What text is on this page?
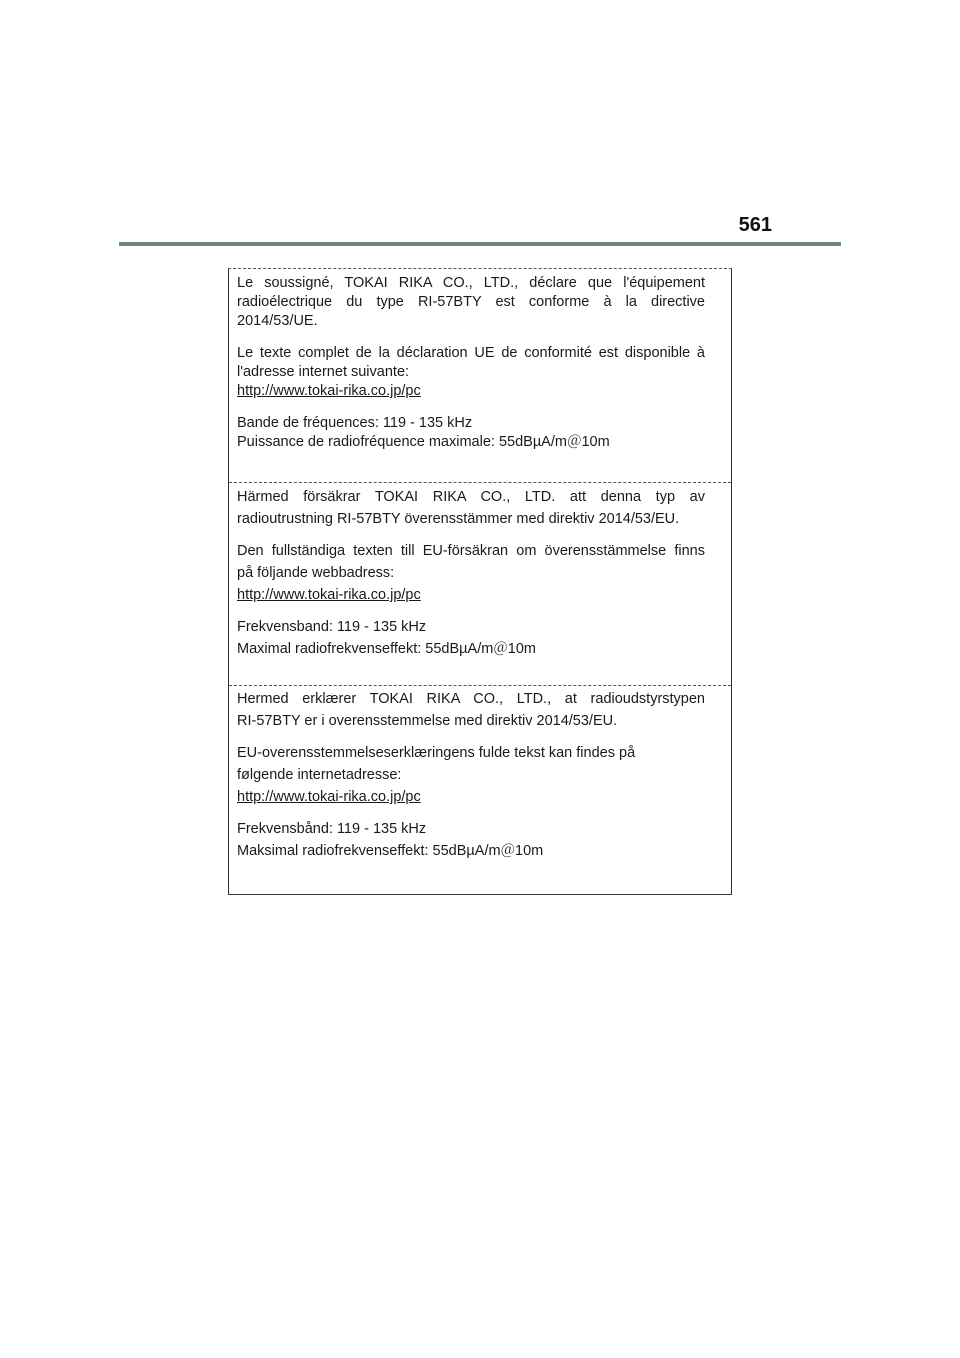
561
Le soussigné, TOKAI RIKA CO., LTD., déclare que l'équipement
radioélectrique du type RI-57BTY est conforme à la directive
2014/53/UE.
Le texte complet de la déclaration UE de conformité est disponible à
l'adresse internet suivante:
http://www.tokai-rika.co.jp/pc
Bande de fréquences: 119 - 135 kHz
Puissance de radiofréquence maximale: 55dBµA/m＠10m
Härmed försäkrar TOKAI RIKA CO., LTD. att denna typ av
radioutrustning RI-57BTY överensstämmer med direktiv 2014/53/EU.
Den fullständiga texten till EU-försäkran om överensstämmelse finns
på följande webbadress:
http://www.tokai-rika.co.jp/pc
Frekvensband: 119 - 135 kHz
Maximal radiofrekvenseffekt: 55dBµA/m＠10m
Hermed erklærer TOKAI RIKA CO., LTD., at radioudstyrstypen
RI-57BTY er i overensstemmelse med direktiv 2014/53/EU.
EU-overensstemmelseserklæringens fulde tekst kan findes på
følgende internetadresse:
http://www.tokai-rika.co.jp/pc
Frekvensbånd: 119 - 135 kHz
Maksimal radiofrekvenseffekt: 55dBµA/m＠10m
